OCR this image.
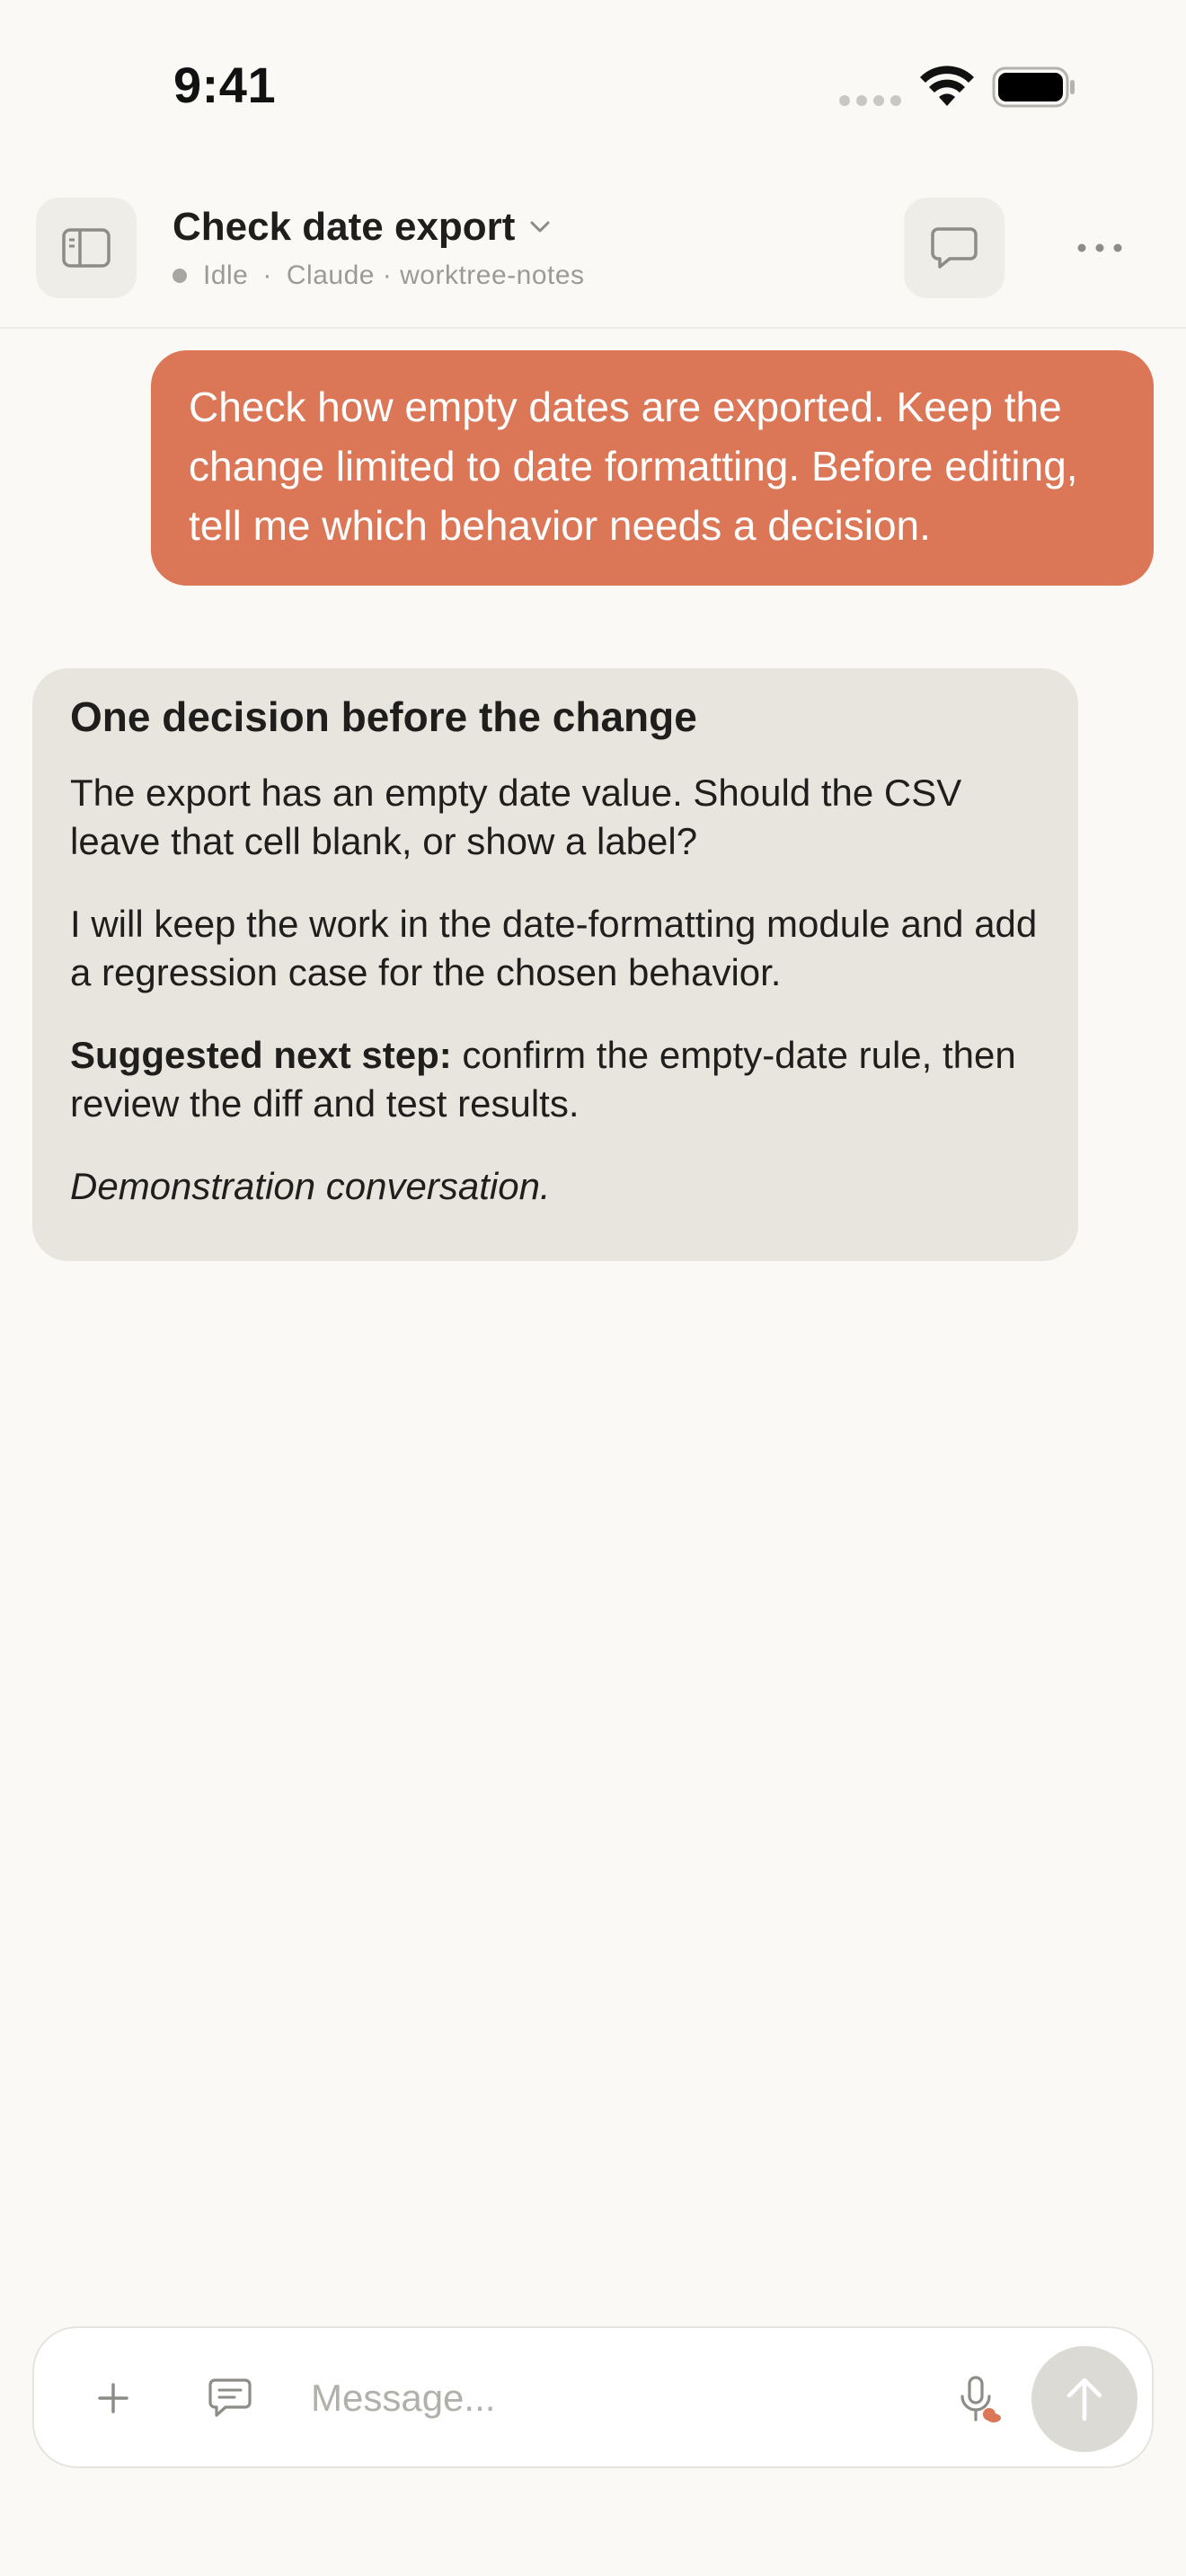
9:41
Check date export
Idle · Claude · worktree-notes
Check how empty dates are exported. Keep the change limited to date formatting. Before editing, tell me which behavior needs a decision.
One decision before the change

The export has an empty date value. Should the CSV leave that cell blank, or show a label?

I will keep the work in the date-formatting module and add a regression case for the chosen behavior.

Suggested next step: confirm the empty-date rule, then review the diff and test results.

Demonstration conversation.

Message...
